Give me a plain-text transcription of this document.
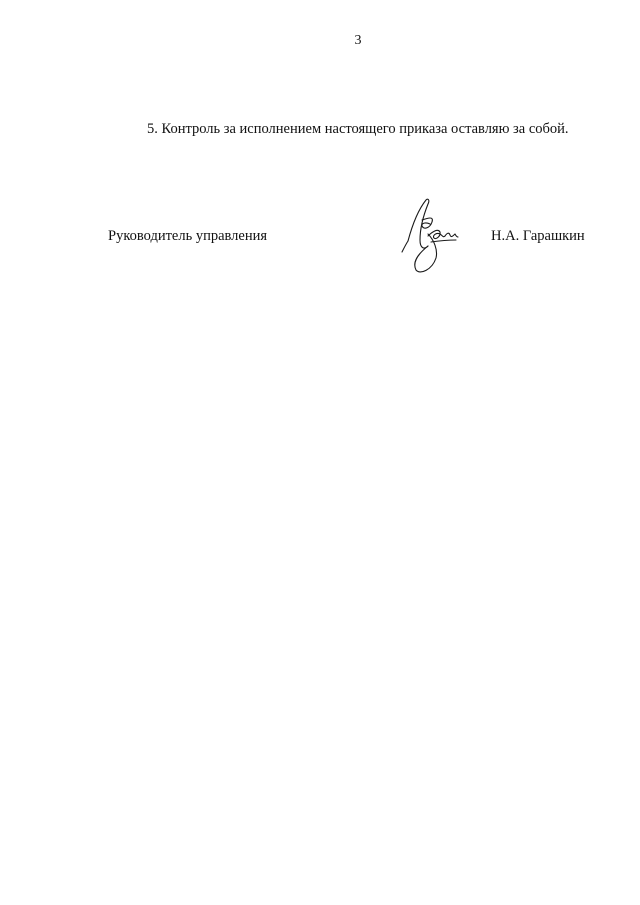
3
5. Контроль за исполнением настоящего приказа оставляю за собой.
Руководитель управления	Н.А. Гарашкин
